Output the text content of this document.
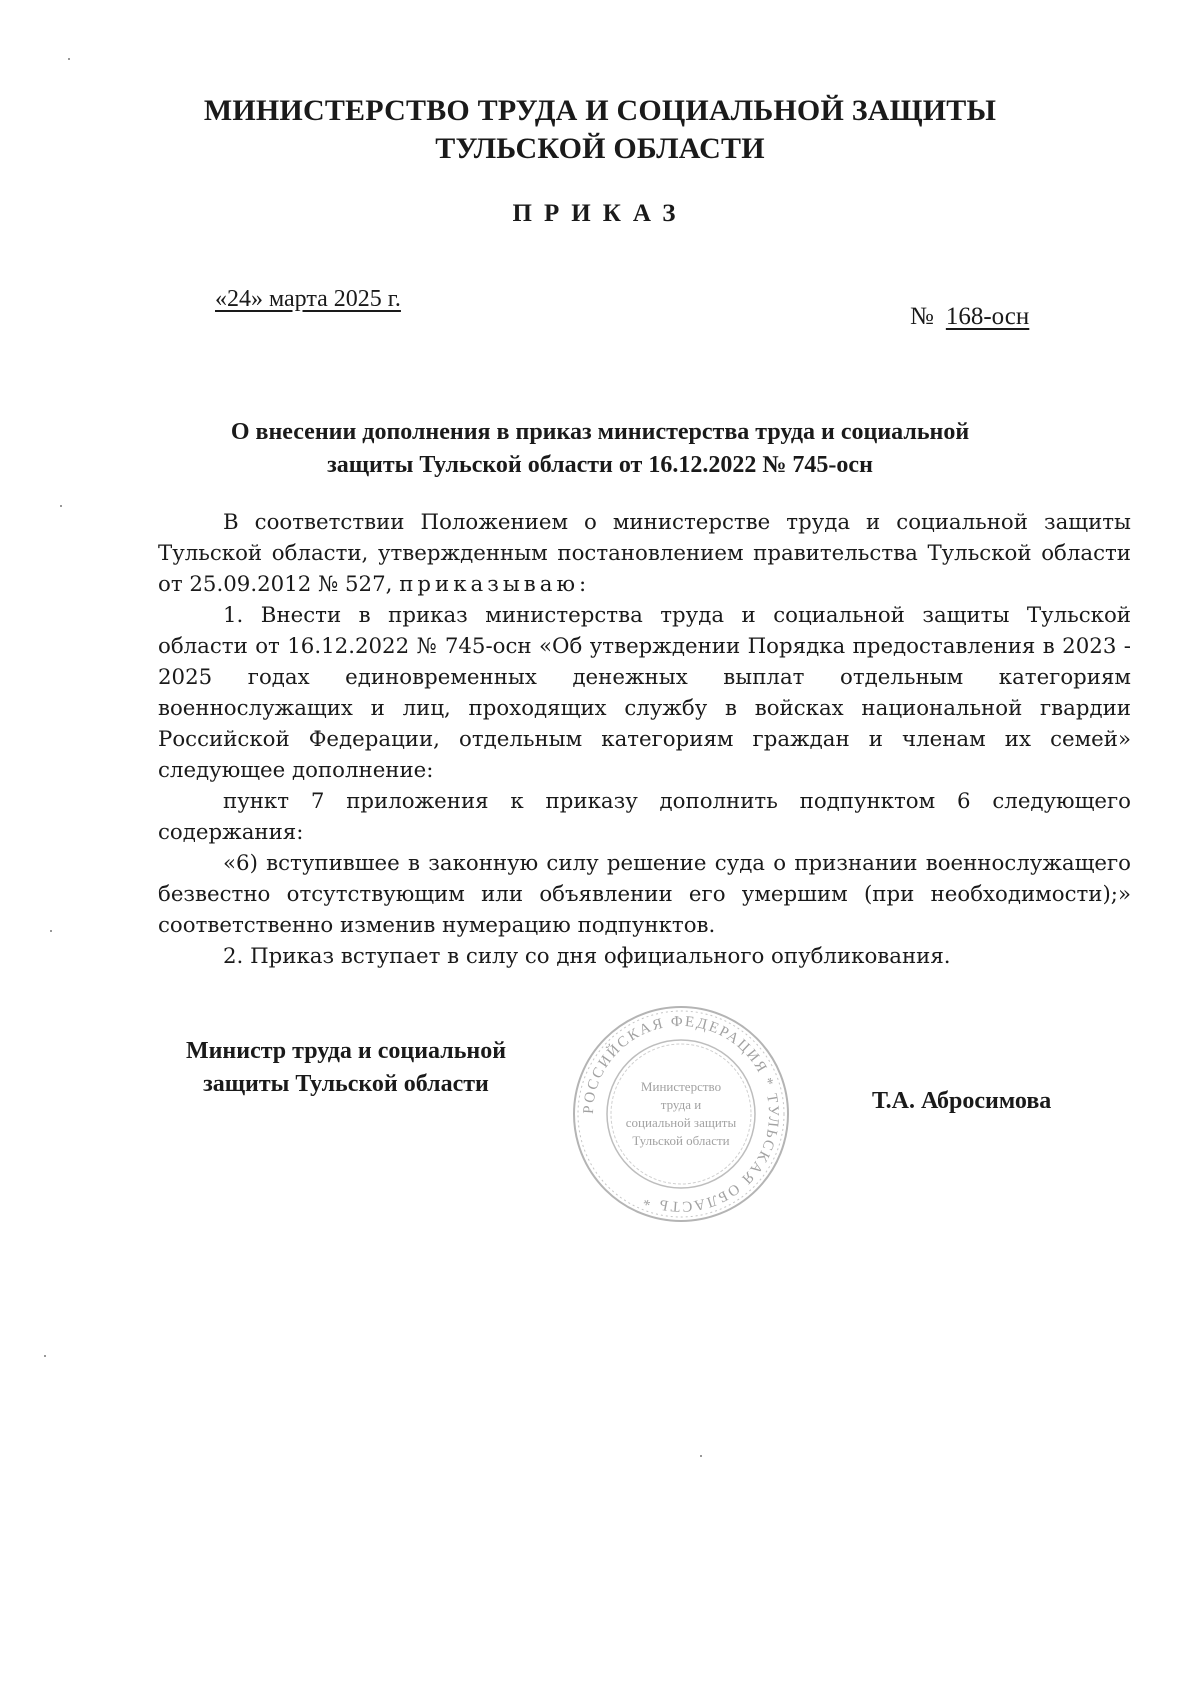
МИНИСТЕРСТВО ТРУДА И СОЦИАЛЬНОЙ ЗАЩИТЫ
ТУЛЬСКОЙ ОБЛАСТИ
ПРИКАЗ
«24» марта 2025 г.
№ 168-осн
О внесении дополнения в приказ министерства труда и социальной
защиты Тульской области от 16.12.2022 № 745-осн

В соответствии Положением о министерстве труда и социальной защиты Тульской области, утвержденным постановлением правительства Тульской области от 25.09.2012 № 527, приказываю:

1. Внести в приказ министерства труда и социальной защиты Тульской области от 16.12.2022 № 745-осн «Об утверждении Порядка предоставления в 2023 - 2025 годах единовременных денежных выплат отдельным категориям военнослужащих и лиц, проходящих службу в войсках национальной гвардии Российской Федерации, отдельным категориям граждан и членам их семей» следующее дополнение:

пункт 7 приложения к приказу дополнить подпунктом 6 следующего содержания:

«6) вступившее в законную силу решение суда о признании военнослужащего безвестно отсутствующим или объявлении его умершим (при необходимости);» соответственно изменив нумерацию подпунктов.

2. Приказ вступает в силу со дня официального опубликования.

Министр труда и социальной
защиты Тульской области
РОССИЙСКАЯ ФЕДЕРАЦИЯ * ТУЛЬСКАЯ ОБЛАСТЬ *
Министерство
труда и
социальной защиты
Тульской области
Т.А. Абросимова
